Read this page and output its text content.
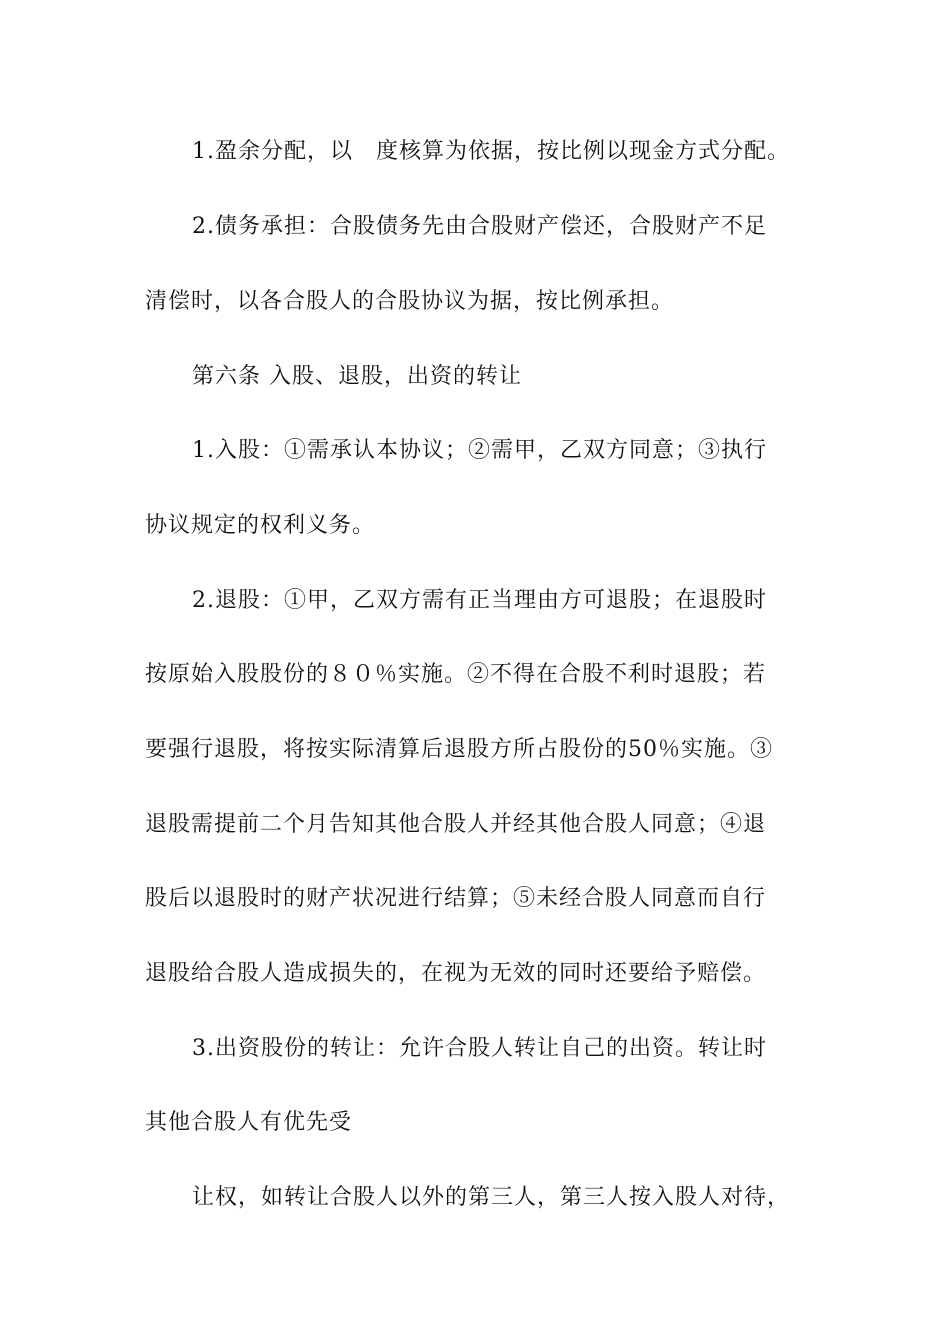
1.盈余分配，以　度核算为依据，按比例以现金方式分配。
2.债务承担：合股债务先由合股财产偿还，合股财产不足
清偿时，以各合股人的合股协议为据，按比例承担。
第六条 入股、退股，出资的转让
1.入股：①需承认本协议；②需甲，乙双方同意；③执行
协议规定的权利义务。
2.退股：①甲，乙双方需有正当理由方可退股；在退股时
按原始入股股份的８０％实施。②不得在合股不利时退股；若
要强行退股，将按实际清算后退股方所占股份的50％实施。③
退股需提前二个月告知其他合股人并经其他合股人同意；④退
股后以退股时的财产状况进行结算；⑤未经合股人同意而自行
退股给合股人造成损失的，在视为无效的同时还要给予赔偿。
3.出资股份的转让：允许合股人转让自己的出资。转让时
其他合股人有优先受
让权，如转让合股人以外的第三人，第三人按入股人对待，
